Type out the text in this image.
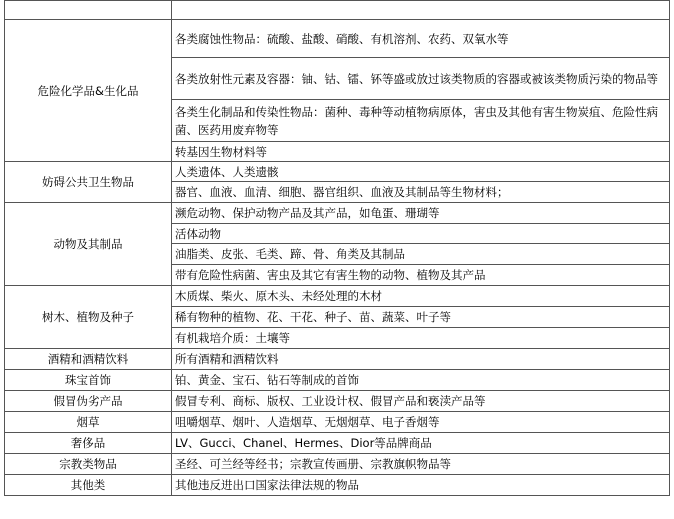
危险化学品&生化品	各类腐蚀性物品：硫酸、盐酸、硝酸、有机溶剂、农药、双氧水等
	各类放射性元素及容器：铀、钴、镭、钚等盛或放过该类物质的容器或被该类物质污染的物品等
	各类生化制品和传染性物品：菌种、毒种等动植物病原体，害虫及其他有害生物炭疽、危险性病菌、医药用废弃物等
	转基因生物材料等
妨碍公共卫生物品	人类遗体、人类遗骸
	器官、血液、血清、细胞、器官组织、血液及其制品等生物材料；
动物及其制品	濒危动物、保护动物产品及其产品，如龟蛋、珊瑚等
	活体动物
	油脂类、皮张、毛类、蹄、骨、角类及其制品
	带有危险性病菌、害虫及其它有害生物的动物、植物及其产品
树木、植物及种子	木质煤、柴火、原木头、未经处理的木材
	稀有物种的植物、花、干花、种子、苗、蔬菜、叶子等
	有机栽培介质：土壤等
酒精和酒精饮料	所有酒精和酒精饮料
珠宝首饰	铂、黄金、宝石、钻石等制成的首饰
假冒伪劣产品	假冒专利、商标、版权、工业设计权、假冒产品和亵渎产品等
烟草	咀嚼烟草、烟叶、人造烟草、无烟烟草、电子香烟等
奢侈品	LV、Gucci、Chanel、Hermes、Dior等品牌商品
宗教类物品	圣经、可兰经等经书；宗教宣传画册、宗教旗帜物品等
其他类	其他违反进出口国家法律法规的物品
